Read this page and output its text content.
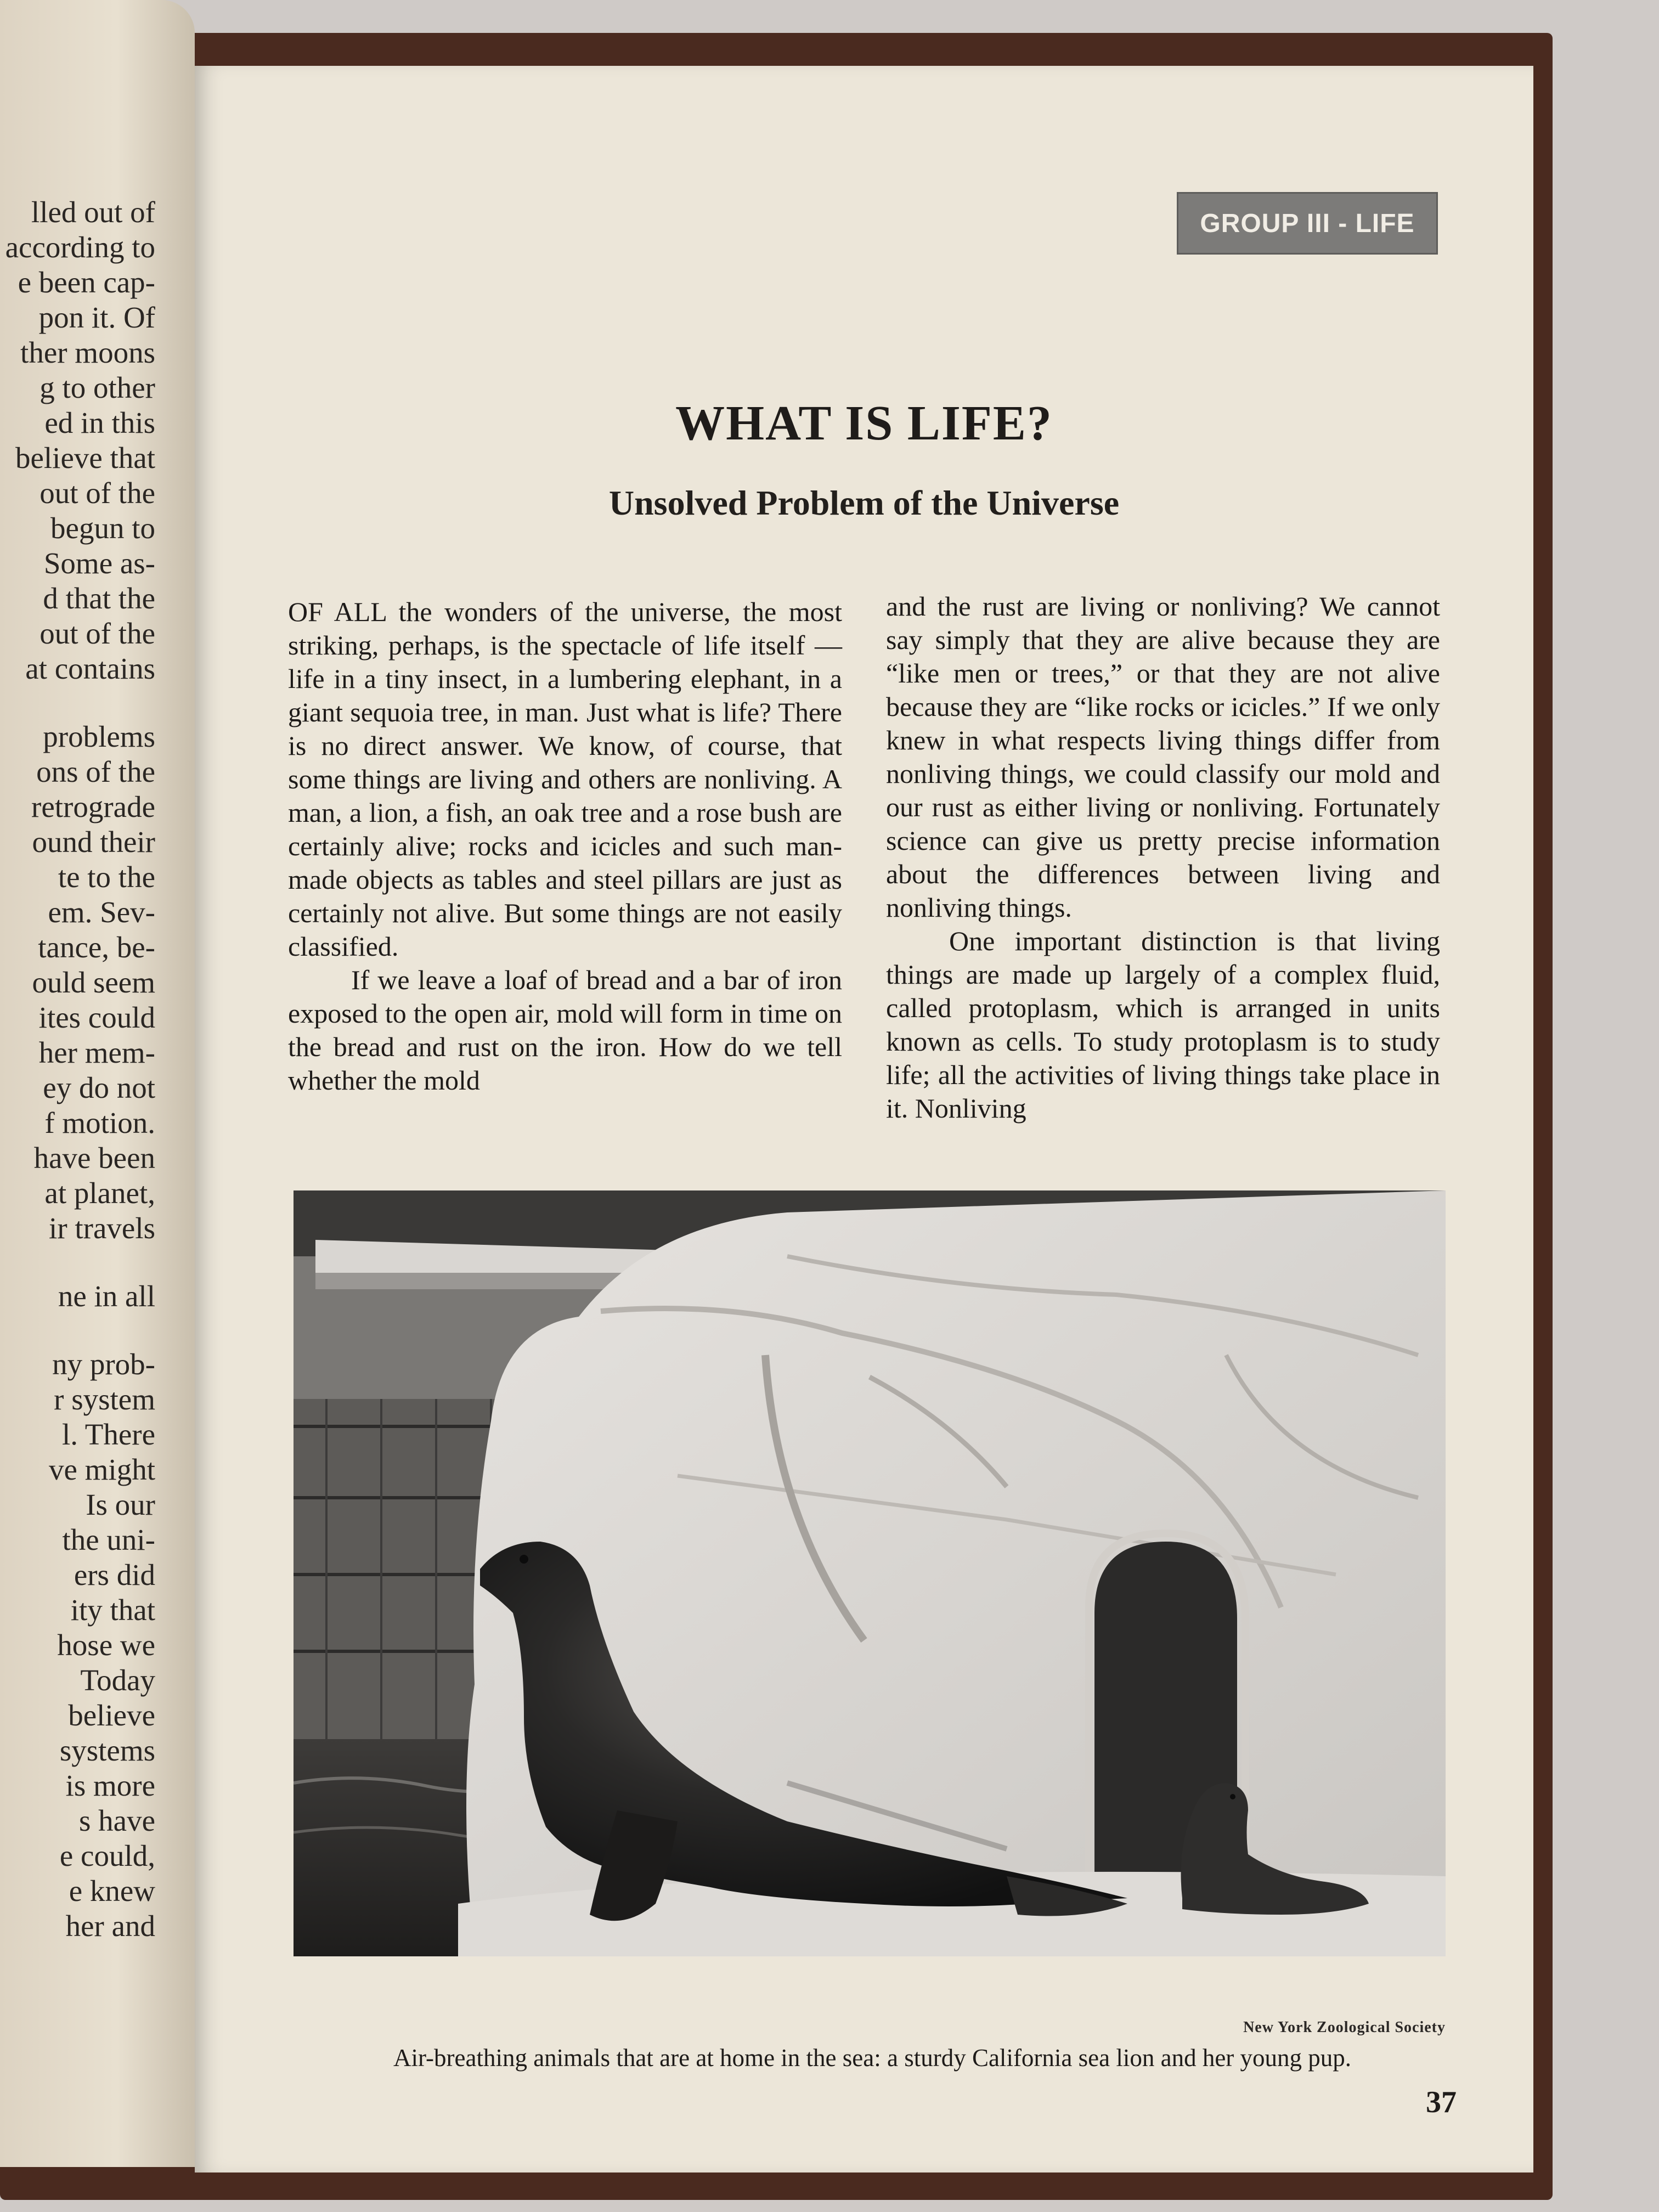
lled out of
according to
e been cap-
pon it. Of
ther moons
g to other
ed in this
believe that
out of the
begun to
Some as-
d that the
out of the
at contains
problems
ons of the
retrograde
ound their
te to the
em. Sev-
tance, be-
ould seem
ites could
her mem-
ey do not
f motion.
have been
at planet,
ir travels
ne in all
ny prob-
r system
l. There
ve might
Is our
the uni-
ers did
ity that
hose we
Today
believe
systems
is more
s have
e could,
e knew
her and
GROUP III - LIFE
WHAT IS LIFE?
Unsolved Problem of the Universe

OF ALL the wonders of the universe, the most striking, perhaps, is the spectacle of life itself — life in a tiny insect, in a lumbering elephant, in a giant sequoia tree, in man. Just what is life? There is no direct answer. We know, of course, that some things are living and others are nonliving. A man, a lion, a fish, an oak tree and a rose bush are certainly alive; rocks and icicles and such man-made objects as tables and steel pillars are just as certainly not alive. But some things are not easily classified.

If we leave a loaf of bread and a bar of iron exposed to the open air, mold will form in time on the bread and rust on the iron. How do we tell whether the mold

and the rust are living or nonliving? We cannot say simply that they are alive because they are “like men or trees,” or that they are not alive because they are “like rocks or icicles.” If we only knew in what respects living things differ from nonliving things, we could classify our mold and our rust as either living or nonliving. Fortunately science can give us pretty precise information about the differences between living and nonliving things.

One important distinction is that living things are made up largely of a complex fluid, called protoplasm, which is arranged in units known as cells. To study protoplasm is to study life; all the activities of living things take place in it. Nonliving

New York Zoological Society
Air-breathing animals that are at home in the sea: a sturdy California sea lion and her young pup.
37
